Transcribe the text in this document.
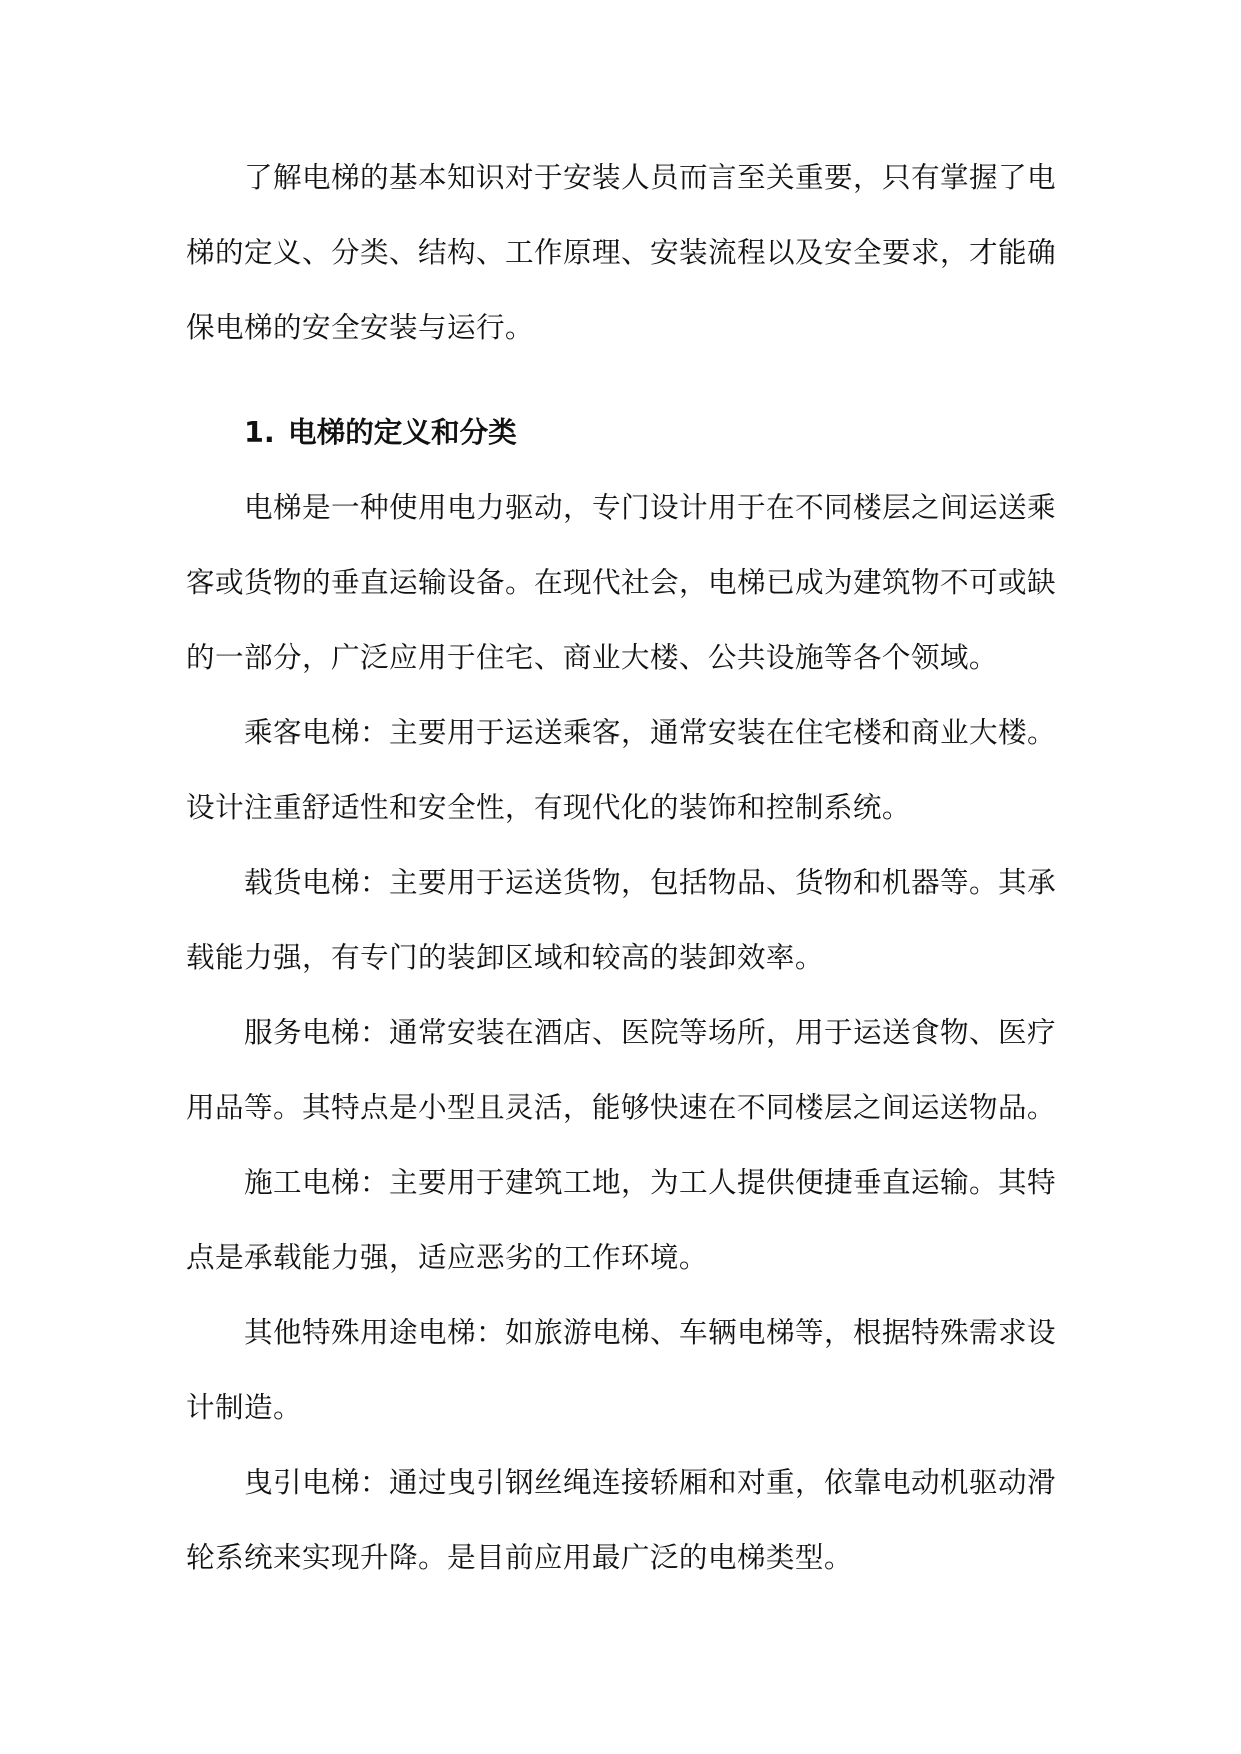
了解电梯的基本知识对于安装人员而言至关重要，只有掌握了电梯的定义、分类、结构、工作原理、安装流程以及安全要求，才能确保电梯的安全安装与运行。

1. 电梯的定义和分类

电梯是一种使用电力驱动，专门设计用于在不同楼层之间运送乘客或货物的垂直运输设备。在现代社会，电梯已成为建筑物不可或缺的一部分，广泛应用于住宅、商业大楼、公共设施等各个领域。

乘客电梯：主要用于运送乘客，通常安装在住宅楼和商业大楼。设计注重舒适性和安全性，有现代化的装饰和控制系统。

载货电梯：主要用于运送货物，包括物品、货物和机器等。其承载能力强，有专门的装卸区域和较高的装卸效率。

服务电梯：通常安装在酒店、医院等场所，用于运送食物、医疗用品等。其特点是小型且灵活，能够快速在不同楼层之间运送物品。

施工电梯：主要用于建筑工地，为工人提供便捷垂直运输。其特点是承载能力强，适应恶劣的工作环境。

其他特殊用途电梯：如旅游电梯、车辆电梯等，根据特殊需求设计制造。

曳引电梯：通过曳引钢丝绳连接轿厢和对重，依靠电动机驱动滑轮系统来实现升降。是目前应用最广泛的电梯类型。
